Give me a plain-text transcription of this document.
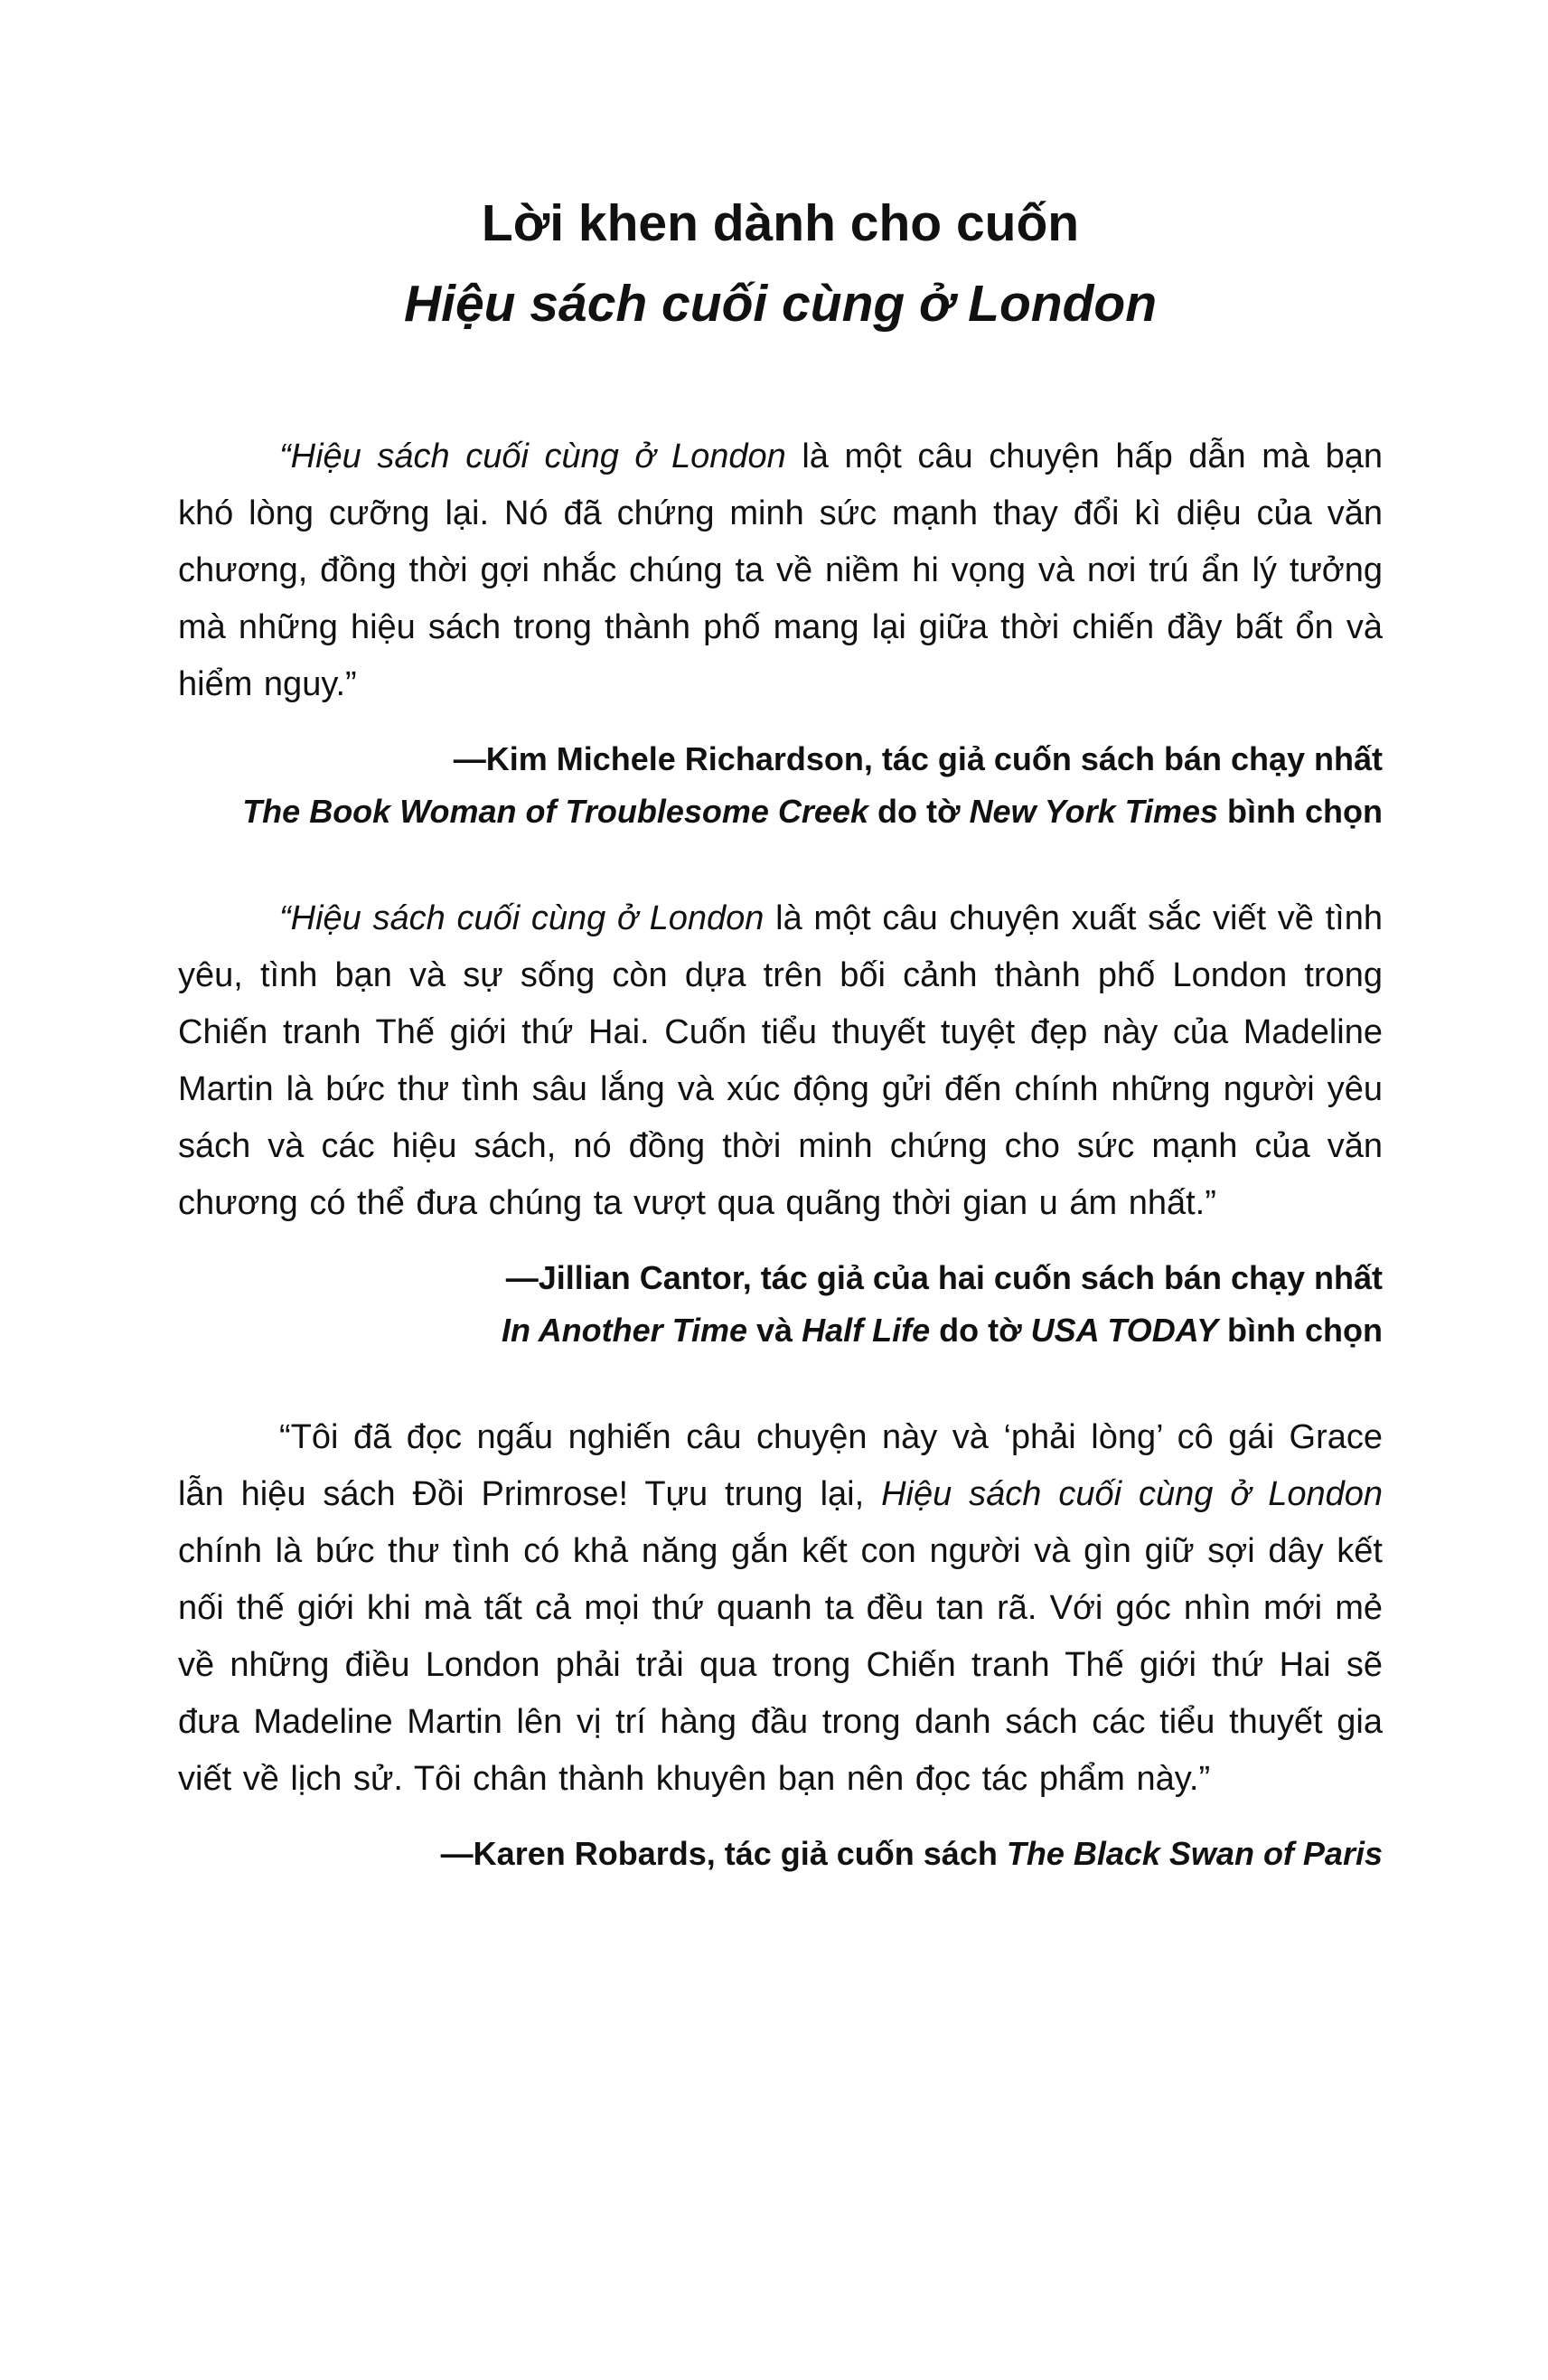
Lời khen dành cho cuốn
Hiệu sách cuối cùng ở London

“Hiệu sách cuối cùng ở London là một câu chuyện hấp dẫn mà bạn khó lòng cưỡng lại. Nó đã chứng minh sức mạnh thay đổi kì diệu của văn chương, đồng thời gợi nhắc chúng ta về niềm hi vọng và nơi trú ẩn lý tưởng mà những hiệu sách trong thành phố mang lại giữa thời chiến đầy bất ổn và hiểm nguy.”

—Kim Michele Richardson, tác giả cuốn sách bán chạy nhất
The Book Woman of Troublesome Creek do tờ New York Times bình chọn

“Hiệu sách cuối cùng ở London là một câu chuyện xuất sắc viết về tình yêu, tình bạn và sự sống còn dựa trên bối cảnh thành phố London trong Chiến tranh Thế giới thứ Hai. Cuốn tiểu thuyết tuyệt đẹp này của Madeline Martin là bức thư tình sâu lắng và xúc động gửi đến chính những người yêu sách và các hiệu sách, nó đồng thời minh chứng cho sức mạnh của văn chương có thể đưa chúng ta vượt qua quãng thời gian u ám nhất.”

—Jillian Cantor, tác giả của hai cuốn sách bán chạy nhất
In Another Time và Half Life do tờ USA TODAY bình chọn

“Tôi đã đọc ngấu nghiến câu chuyện này và ‘phải lòng’ cô gái Grace lẫn hiệu sách Đồi Primrose! Tựu trung lại, Hiệu sách cuối cùng ở London chính là bức thư tình có khả năng gắn kết con người và gìn giữ sợi dây kết nối thế giới khi mà tất cả mọi thứ quanh ta đều tan rã. Với góc nhìn mới mẻ về những điều London phải trải qua trong Chiến tranh Thế giới thứ Hai sẽ đưa Madeline Martin lên vị trí hàng đầu trong danh sách các tiểu thuyết gia viết về lịch sử. Tôi chân thành khuyên bạn nên đọc tác phẩm này.”

—Karen Robards, tác giả cuốn sách The Black Swan of Paris
